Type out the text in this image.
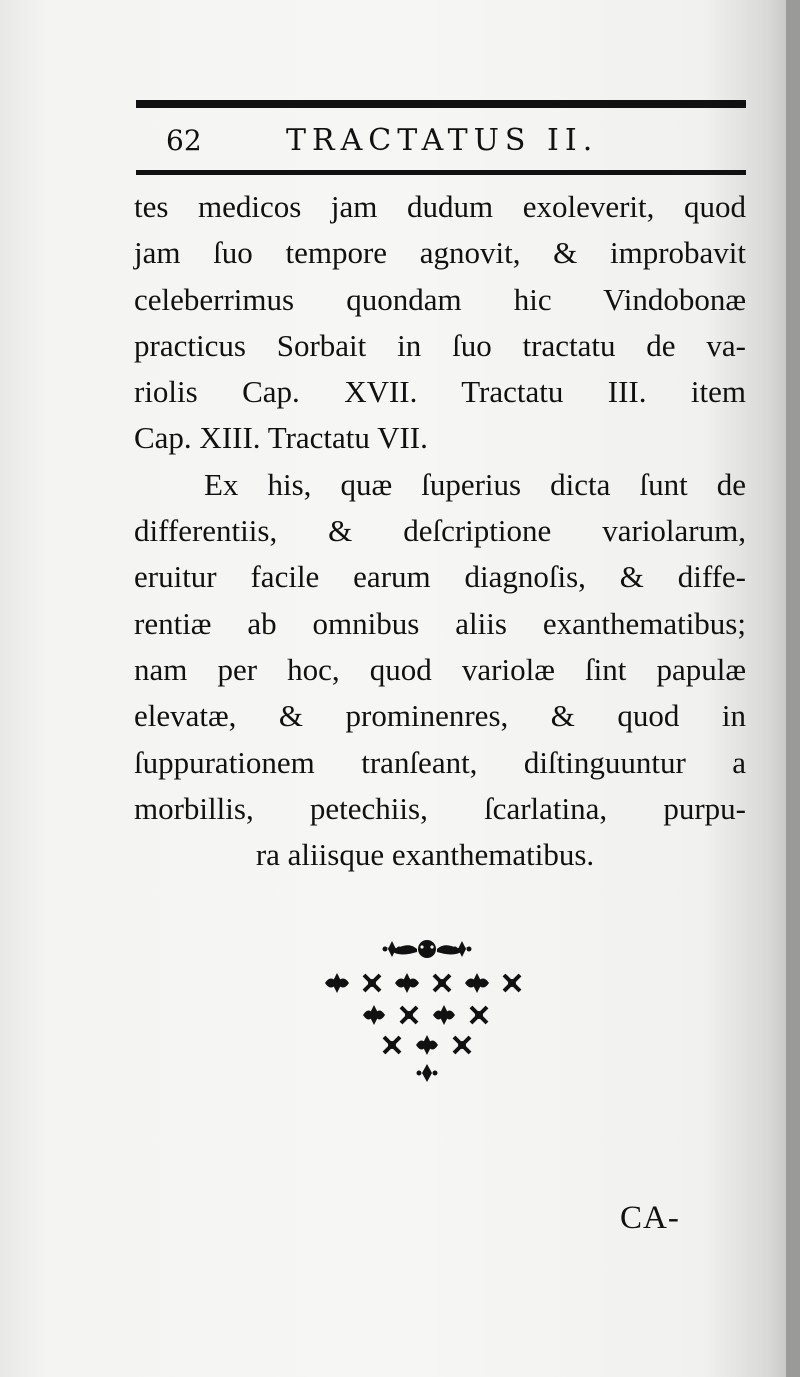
62	TRACTATUS II.
tes medicos jam dudum exoleverit, quod
jam ſuo tempore agnovit, & improbavit
celeberrimus quondam hic Vindobonæ
practicus Sorbait in ſuo tractatu de va-
riolis Cap. XVII. Tractatu III. item
Cap. XIII. Tractatu VII.
Ex his, quæ ſuperius dicta ſunt de
differentiis, & deſcriptione variolarum,
eruitur facile earum diagnoſis, & diffe-
rentiæ ab omnibus aliis exanthematibus;
nam per hoc, quod variolæ ſint papulæ
elevatæ, & prominenres, & quod in
ſuppurationem tranſeant, diſtinguuntur a
morbillis, petechiis, ſcarlatina, purpu-
ra aliisque exanthematibus.
CA-
